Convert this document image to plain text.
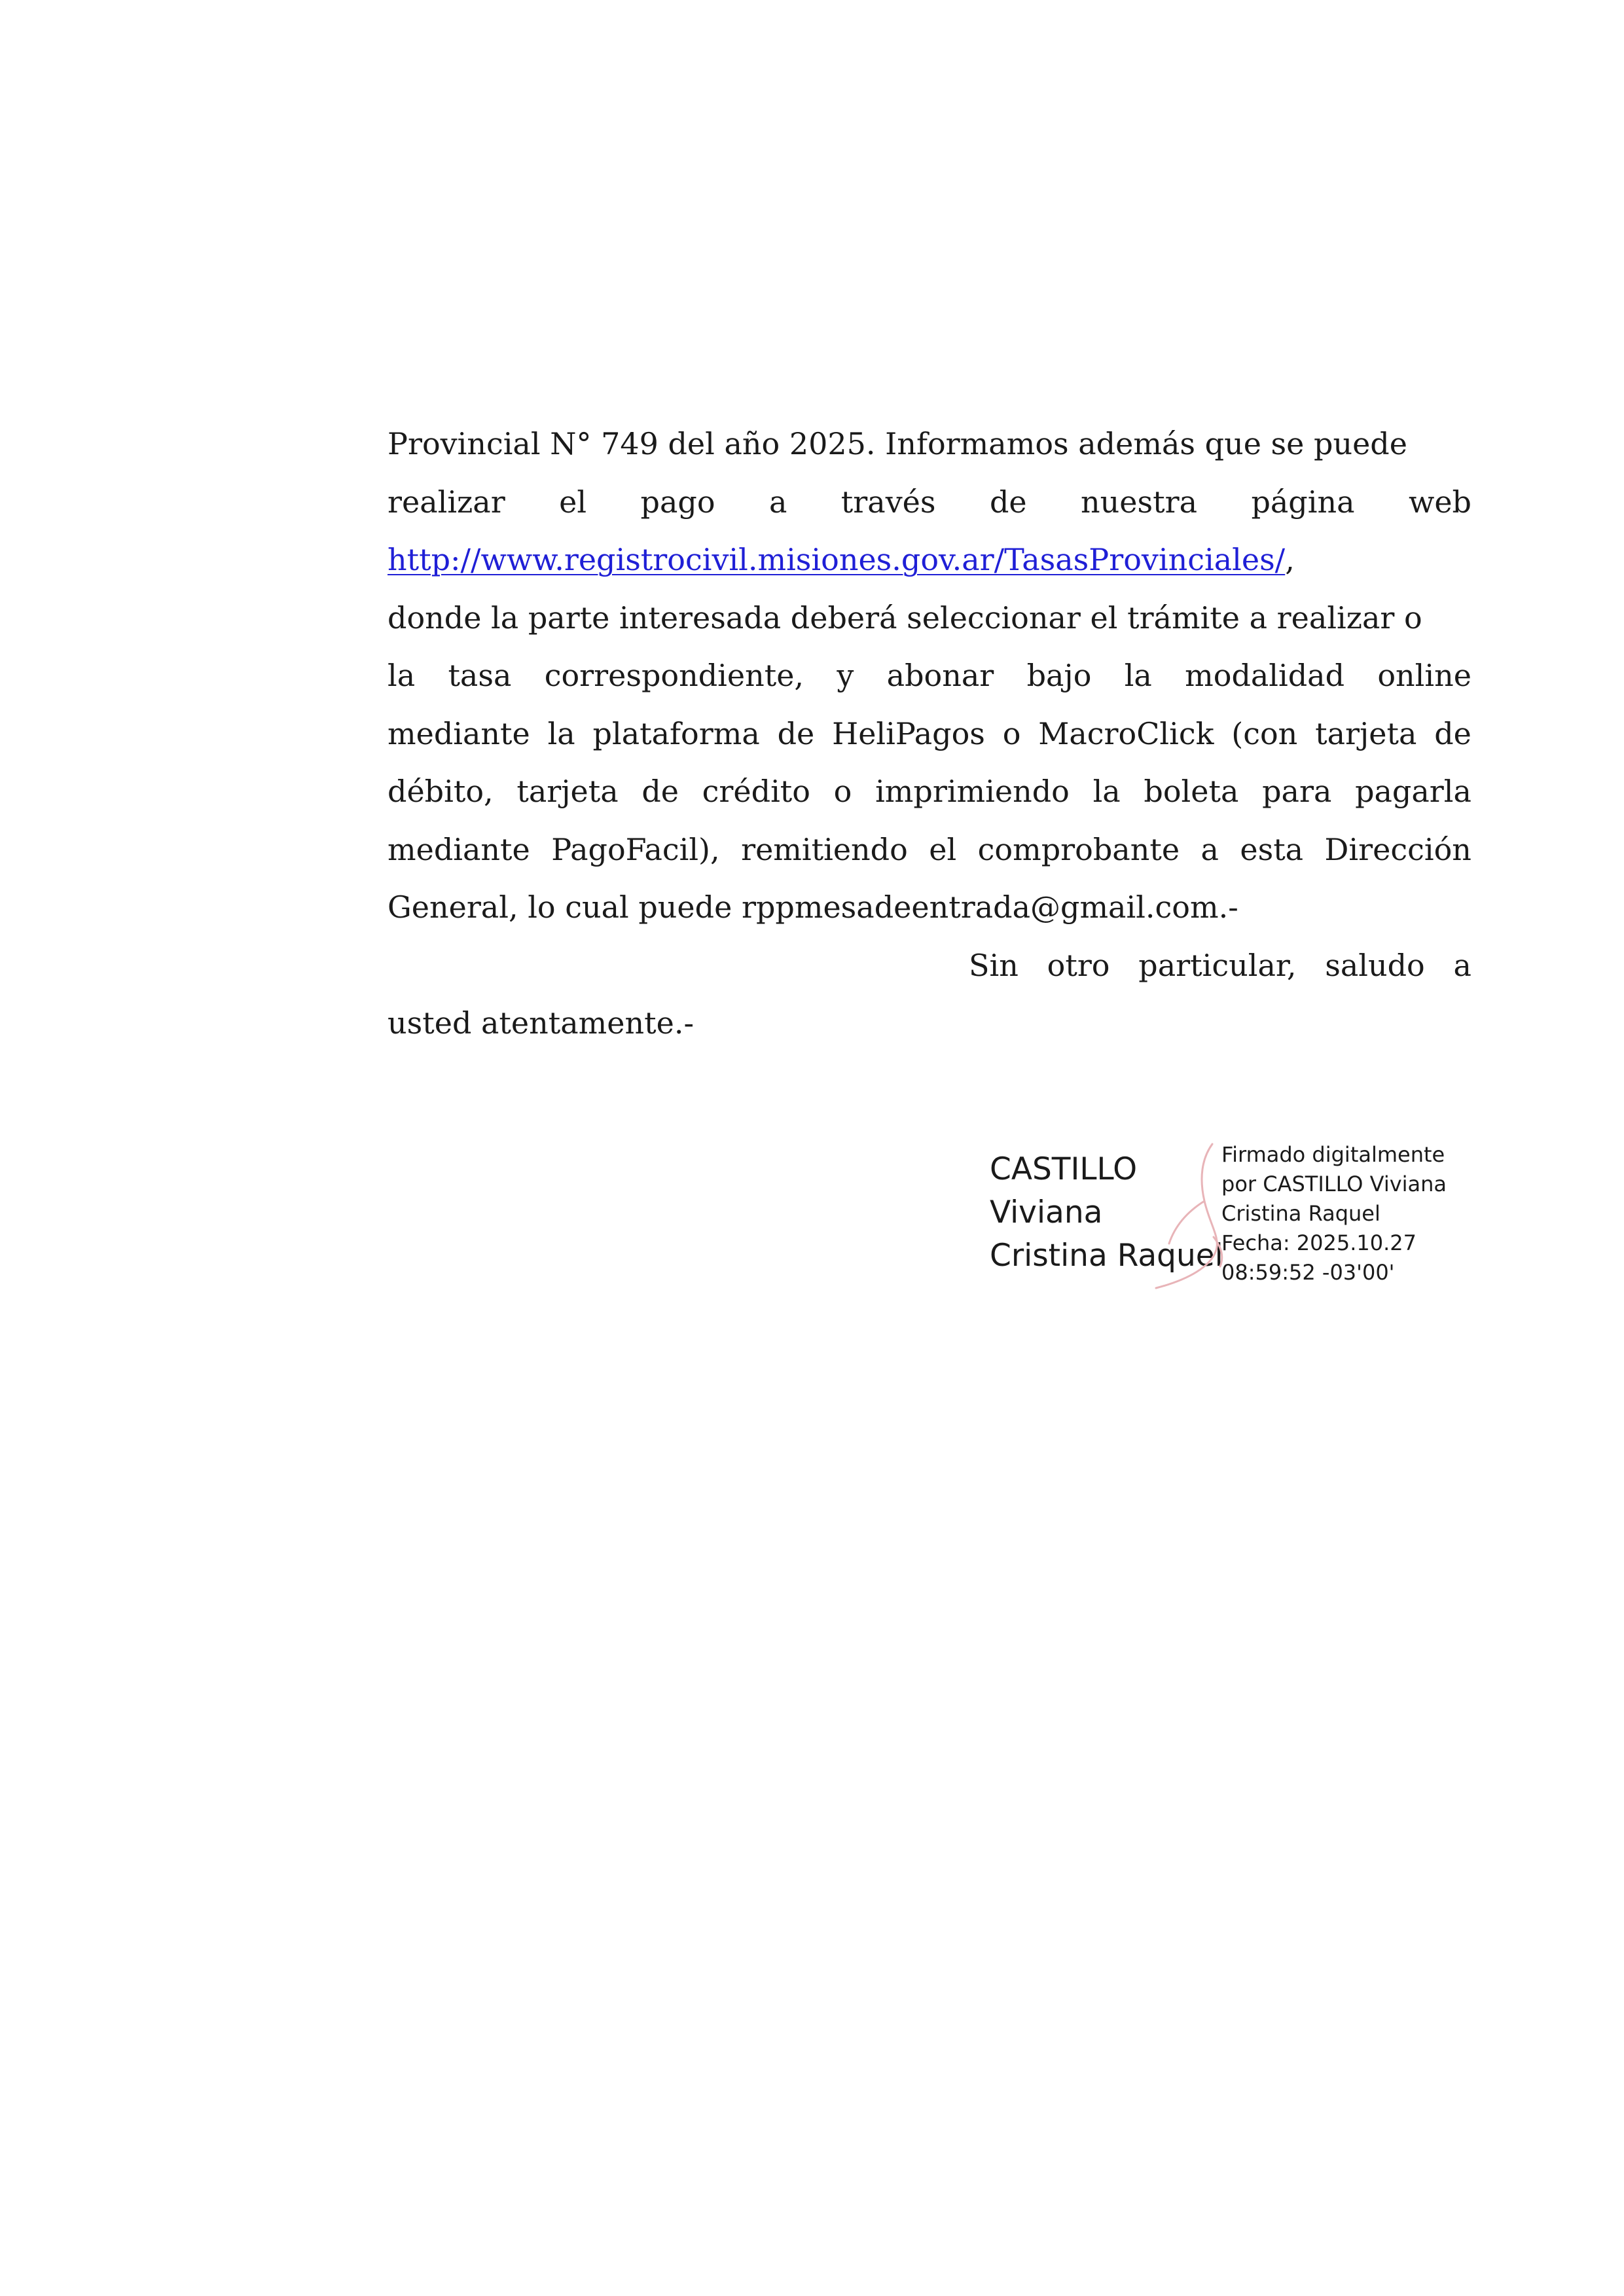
Provincial N° 749 del año 2025. Informamos además que se puede
realizar el pago a través de nuestra página web
http://www.registrocivil.misiones.gov.ar/TasasProvinciales/,
donde la parte interesada deberá seleccionar el trámite a realizar o
la tasa correspondiente, y abonar bajo la modalidad online
mediante la plataforma de HeliPagos o MacroClick (con tarjeta de
débito, tarjeta de crédito o imprimiendo la boleta para pagarla
mediante PagoFacil), remitiendo el comprobante a esta Dirección
General, lo cual puede rppmesadeentrada@gmail.com.-
Sin otro particular, saludo a
usted atentamente.-
CASTILLO
Viviana
Cristina Raquel
Firmado digitalmente
por CASTILLO Viviana
Cristina Raquel
Fecha: 2025.10.27
08:59:52 -03'00'
